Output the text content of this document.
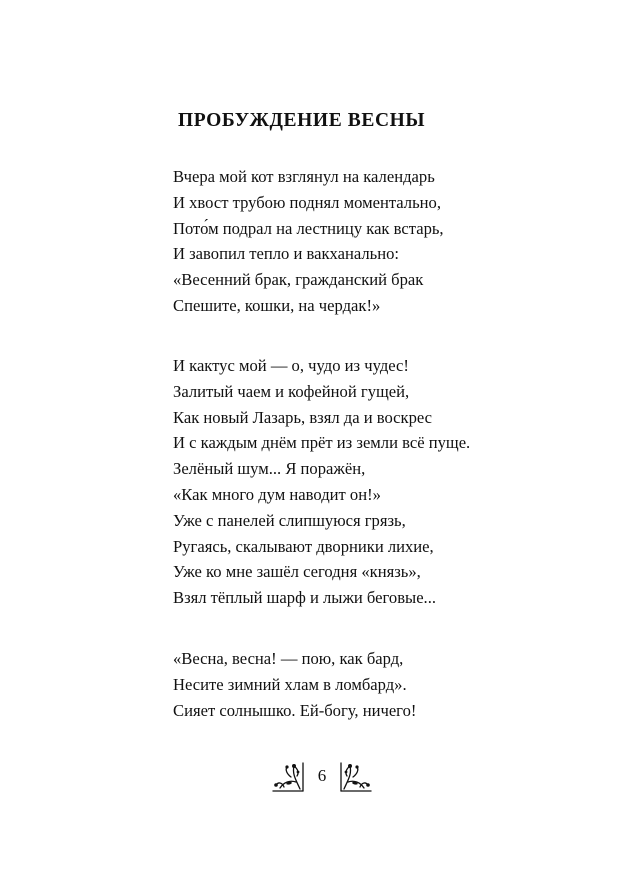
ПРОБУЖДЕНИЕ ВЕСНЫ
Вчера мой кот взглянул на календарь
И хвост трубою поднял моментально,
Пото́м подрал на лестницу как встарь,
И завопил тепло и вакханально:
«Весенний брак, гражданский брак
Спешите, кошки, на чердак!»
И кактус мой — о, чудо из чудес!
Залитый чаем и кофейной гущей,
Как новый Лазарь, взял да и воскрес
И с каждым днём прёт из земли всё пуще.
Зелёный шум... Я поражён,
«Как много дум наводит он!»
Уже с панелей слипшуюся грязь,
Ругаясь, скалывают дворники лихие,
Уже ко мне зашёл сегодня «князь»,
Взял тёплый шарф и лыжи беговые...
«Весна, весна! — пою, как бард,
Несите зимний хлам в ломбард».
Сияет солнышко. Ей-богу, ничего!
6
